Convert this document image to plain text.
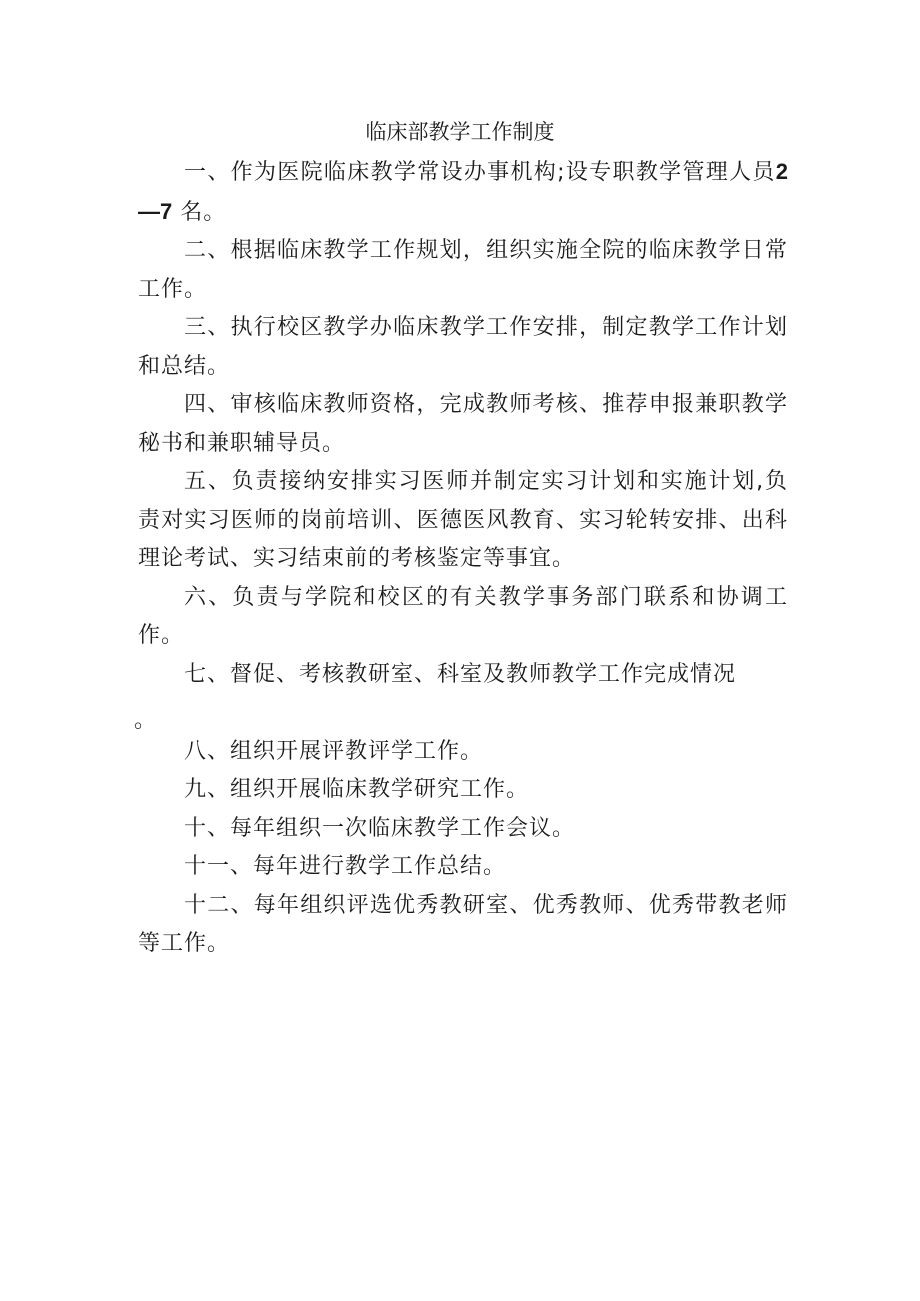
临床部教学工作制度

一、作为医院临床教学常设办事机构;设专职教学管理人员2—7 名。

二、根据临床教学工作规划，组织实施全院的临床教学日常工作。

三、执行校区教学办临床教学工作安排，制定教学工作计划和总结。

四、审核临床教师资格，完成教师考核、推荐申报兼职教学秘书和兼职辅导员。

五、负责接纳安排实习医师并制定实习计划和实施计划,负责对实习医师的岗前培训、医德医风教育、实习轮转安排、出科理论考试、实习结束前的考核鉴定等事宜。

六、负责与学院和校区的有关教学事务部门联系和协调工作。

七、督促、考核教研室、科室及教师教学工作完成情况

。

八、组织开展评教评学工作。

九、组织开展临床教学研究工作。

十、每年组织一次临床教学工作会议。

十一、每年进行教学工作总结。

十二、每年组织评选优秀教研室、优秀教师、优秀带教老师等工作。
